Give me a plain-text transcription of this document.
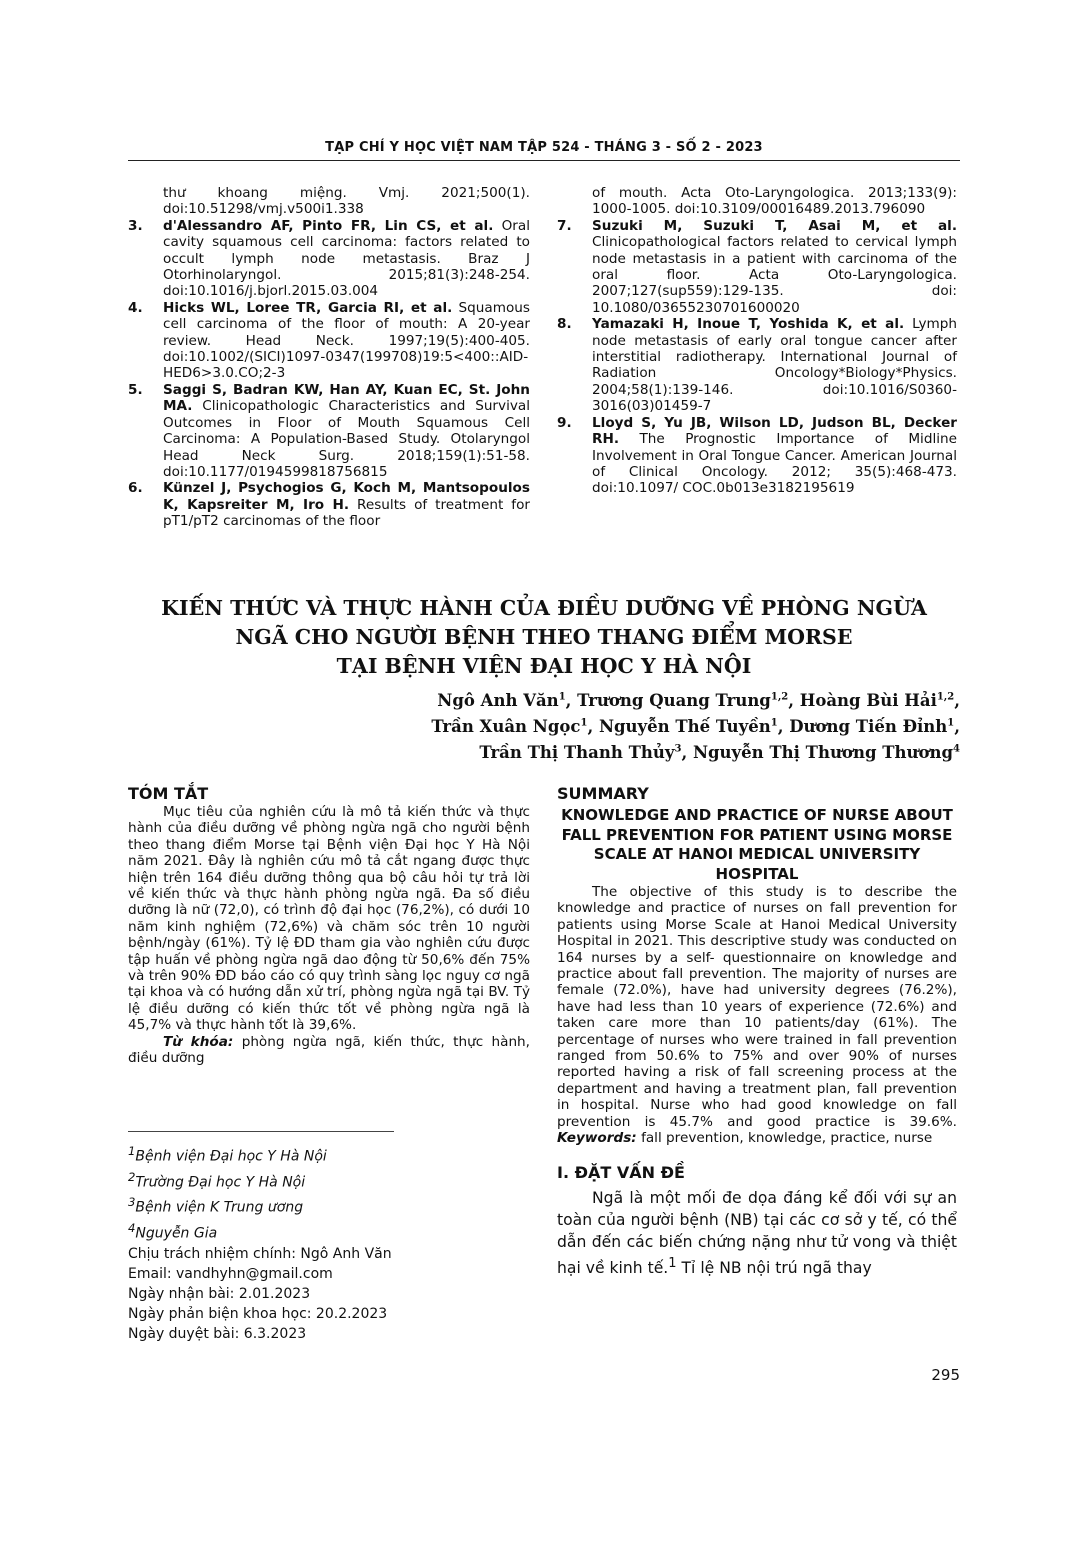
TẠP CHÍ Y HỌC VIỆT NAM TẬP 524 - THÁNG 3 - SỐ 2 - 2023
thư khoang miệng. Vmj. 2021;500(1). doi:10.51298/vmj.v500i1.338
3.	d'Alessandro AF, Pinto FR, Lin CS, et al. Oral cavity squamous cell carcinoma: factors related to occult lymph node metastasis. Braz J Otorhinolaryngol. 2015;81(3):248-254. doi:10.1016/j.bjorl.2015.03.004
4.	Hicks WL, Loree TR, Garcia RI, et al. Squamous cell carcinoma of the floor of mouth: A 20-year review. Head Neck. 1997;19(5):400-405. doi:10.1002/(SICI)1097-0347(199708)19:5<400::AID-HED6>3.0.CO;2-3
5.	Saggi S, Badran KW, Han AY, Kuan EC, St. John MA. Clinicopathologic Characteristics and Survival Outcomes in Floor of Mouth Squamous Cell Carcinoma: A Population-Based Study. Otolaryngol Head Neck Surg. 2018;159(1):51-58. doi:10.1177/0194599818756815
6.	Künzel J, Psychogios G, Koch M, Mantsopoulos K, Kapsreiter M, Iro H. Results of treatment for pT1/pT2 carcinomas of the floor
of mouth. Acta Oto-Laryngologica. 2013;133(9): 1000-1005. doi:10.3109/00016489.2013.796090
7.	Suzuki M, Suzuki T, Asai M, et al. Clinicopathological factors related to cervical lymph node metastasis in a patient with carcinoma of the oral floor. Acta Oto-Laryngologica. 2007;127(sup559):129-135. doi: 10.1080/03655230701600020
8.	Yamazaki H, Inoue T, Yoshida K, et al. Lymph node metastasis of early oral tongue cancer after interstitial radiotherapy. International Journal of Radiation Oncology*Biology*Physics. 2004;58(1):139-146. doi:10.1016/S0360-3016(03)01459-7
9.	Lloyd S, Yu JB, Wilson LD, Judson BL, Decker RH. The Prognostic Importance of Midline Involvement in Oral Tongue Cancer. American Journal of Clinical Oncology. 2012; 35(5):468-473. doi:10.1097/ COC.0b013e3182195619
KIẾN THỨC VÀ THỰC HÀNH CỦA ĐIỀU DƯỠNG VỀ PHÒNG NGỪA
NGÃ CHO NGƯỜI BỆNH THEO THANG ĐIỂM MORSE
TẠI BỆNH VIỆN ĐẠI HỌC Y HÀ NỘI
Ngô Anh Văn$^1$, Trương Quang Trung$^{1,2}$, Hoàng Bùi Hải$^{1,2}$,
Trần Xuân Ngọc$^1$, Nguyễn Thế Tuyền$^1$, Dương Tiến Đỉnh$^1$,
Trần Thị Thanh Thủy$^3$, Nguyễn Thị Thương Thương$^4$
TÓM TẮT

Mục tiêu của nghiên cứu là mô tả kiến thức và thực hành của điều dưỡng về phòng ngừa ngã cho người bệnh theo thang điểm Morse tại Bệnh viện Đại học Y Hà Nội năm 2021. Đây là nghiên cứu mô tả cắt ngang được thực hiện trên 164 điều dưỡng thông qua bộ câu hỏi tự trả lời về kiến thức và thực hành phòng ngừa ngã. Đa số điều dưỡng là nữ (72,0), có trình độ đại học (76,2%), có dưới 10 năm kinh nghiệm (72,6%) và chăm sóc trên 10 người bệnh/ngày (61%). Tỷ lệ ĐD tham gia vào nghiên cứu được tập huấn về phòng ngừa ngã dao động từ 50,6% đến 75% và trên 90% ĐD báo cáo có quy trình sàng lọc nguy cơ ngã tại khoa và có hướng dẫn xử trí, phòng ngừa ngã tại BV. Tỷ lệ điều dưỡng có kiến thức tốt về phòng ngừa ngã là 45,7% và thực hành tốt là 39,6%.

Từ khóa: phòng ngừa ngã, kiến thức, thực hành, điều dưỡng

$^1$Bệnh viện Đại học Y Hà Nội
$^2$Trường Đại học Y Hà Nội
$^3$Bệnh viện K Trung ương
$^4$Nguyễn Gia
Chịu trách nhiệm chính: Ngô Anh Văn
Email: vandhyhn@gmail.com
Ngày nhận bài: 2.01.2023
Ngày phản biện khoa học: 20.2.2023
Ngày duyệt bài: 6.3.2023
SUMMARY
KNOWLEDGE AND PRACTICE OF NURSE ABOUT FALL PREVENTION FOR PATIENT USING MORSE SCALE AT HANOI MEDICAL UNIVERSITY HOSPITAL

The objective of this study is to describe the knowledge and practice of nurses on fall prevention for patients using Morse Scale at Hanoi Medical University Hospital in 2021. This descriptive study was conducted on 164 nurses by a self- questionnaire on knowledge and practice about fall prevention. The majority of nurses are female (72.0%), have had university degrees (76.2%), have had less than 10 years of experience (72.6%) and taken care more than 10 patients/day (61%). The percentage of nurses who were trained in fall prevention ranged from 50.6% to 75% and over 90% of nurses reported having a risk of fall screening process at the department and having a treatment plan, fall prevention in hospital. Nurse who had good knowledge on fall prevention is 45.7% and good practice is 39.6%. Keywords: fall prevention, knowledge, practice, nurse

I. ĐẶT VẤN ĐỀ

Ngã là một mối đe dọa đáng kể đối với sự an toàn của người bệnh (NB) tại các cơ sở y tế, có thể dẫn đến các biến chứng nặng như tử vong và thiệt hại về kinh tế.$^1$ Tỉ lệ NB nội trú ngã thay

295
